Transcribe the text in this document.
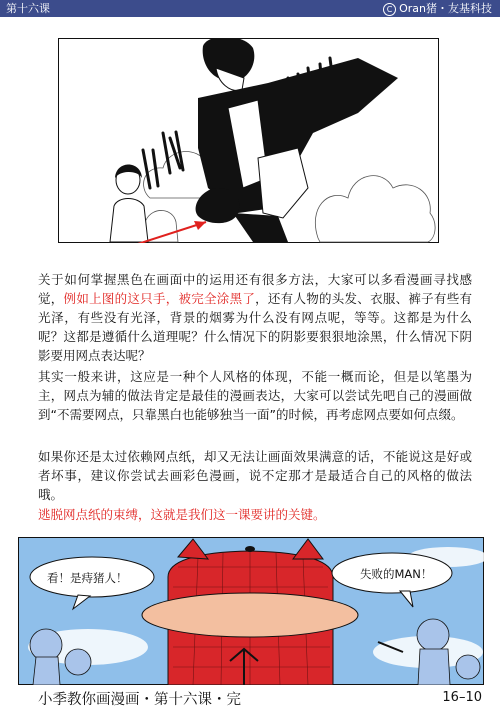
第十六课	C Oran猪・友基科技

关于如何掌握黑色在画面中的运用还有很多方法，大家可以多看漫画寻找感觉，例如上图的这只手，被完全涂黑了，还有人物的头发、衣服、裤子有些有光泽，有些没有光泽，背景的烟雾为什么没有网点呢，等等。这都是为什么呢？这都是遵循什么道理呢？什么情况下的阴影要狠狠地涂黑，什么情况下阴影要用网点表达呢？

其实一般来讲，这应是一种个人风格的体现，不能一概而论，但是以笔墨为主，网点为辅的做法肯定是最佳的漫画表达，大家可以尝试先吧自己的漫画做到“不需要网点，只靠黑白也能够独当一面”的时候，再考虑网点要如何点缀。

如果你还是太过依赖网点纸，却又无法让画面效果满意的话，不能说这是好或者坏事，建议你尝试去画彩色漫画，说不定那才是最适合自己的风格的做法哦。

逃脱网点纸的束缚，这就是我们这一课要讲的关键。

看！是痔猪人！	失败的MAN！
小季教你画漫画・第十六课・完	16–10
